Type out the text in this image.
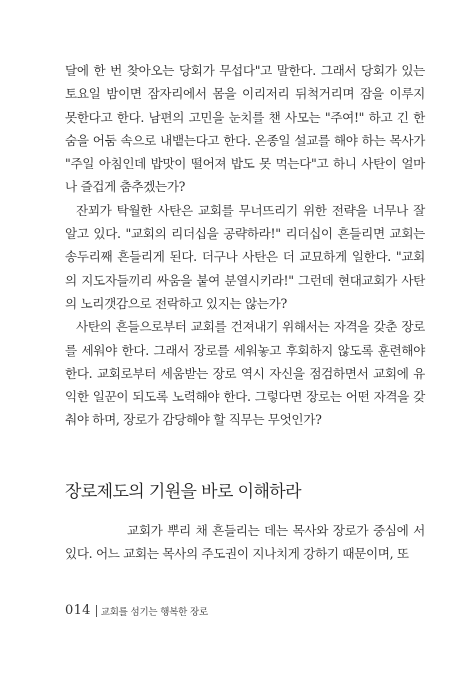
달에 한 번 찾아오는 당회가 무섭다"고 말한다. 그래서 당회가 있는 토요일 밤이면 잠자리에서 몸을 이리저리 뒤척거리며 잠을 이루지 못한다고 한다. 남편의 고민을 눈치를 챈 사모는 "주여!" 하고 긴 한숨을 어둠 속으로 내뱉는다고 한다. 온종일 설교를 해야 하는 목사가 "주일 아침인데 밥맛이 떨어져 밥도 못 먹는다"고 하니 사탄이 얼마나 즐겁게 춤추겠는가?

잔꾀가 탁월한 사탄은 교회를 무너뜨리기 위한 전략을 너무나 잘 알고 있다. "교회의 리더십을 공략하라!" 리더십이 흔들리면 교회는 송두리째 흔들리게 된다. 더구나 사탄은 더 교묘하게 일한다. "교회의 지도자들끼리 싸움을 붙여 분열시키라!" 그런데 현대교회가 사탄의 노리갯감으로 전락하고 있지는 않는가?

사탄의 흔들으로부터 교회를 건져내기 위해서는 자격을 갖춘 장로를 세워야 한다. 그래서 장로를 세워놓고 후회하지 않도록 훈련해야 한다. 교회로부터 세움받는 장로 역시 자신을 점검하면서 교회에 유익한 일꾼이 되도록 노력해야 한다. 그렇다면 장로는 어떤 자격을 갖춰야 하며, 장로가 감당해야 할 직무는 무엇인가?

장로제도의 기원을 바로 이해하라

교회가 뿌리 채 흔들리는 데는 목사와 장로가 중심에 서 있다. 어느 교회는 목사의 주도권이 지나치게 강하기 때문이며, 또

014 교회를 섬기는 행복한 장로
